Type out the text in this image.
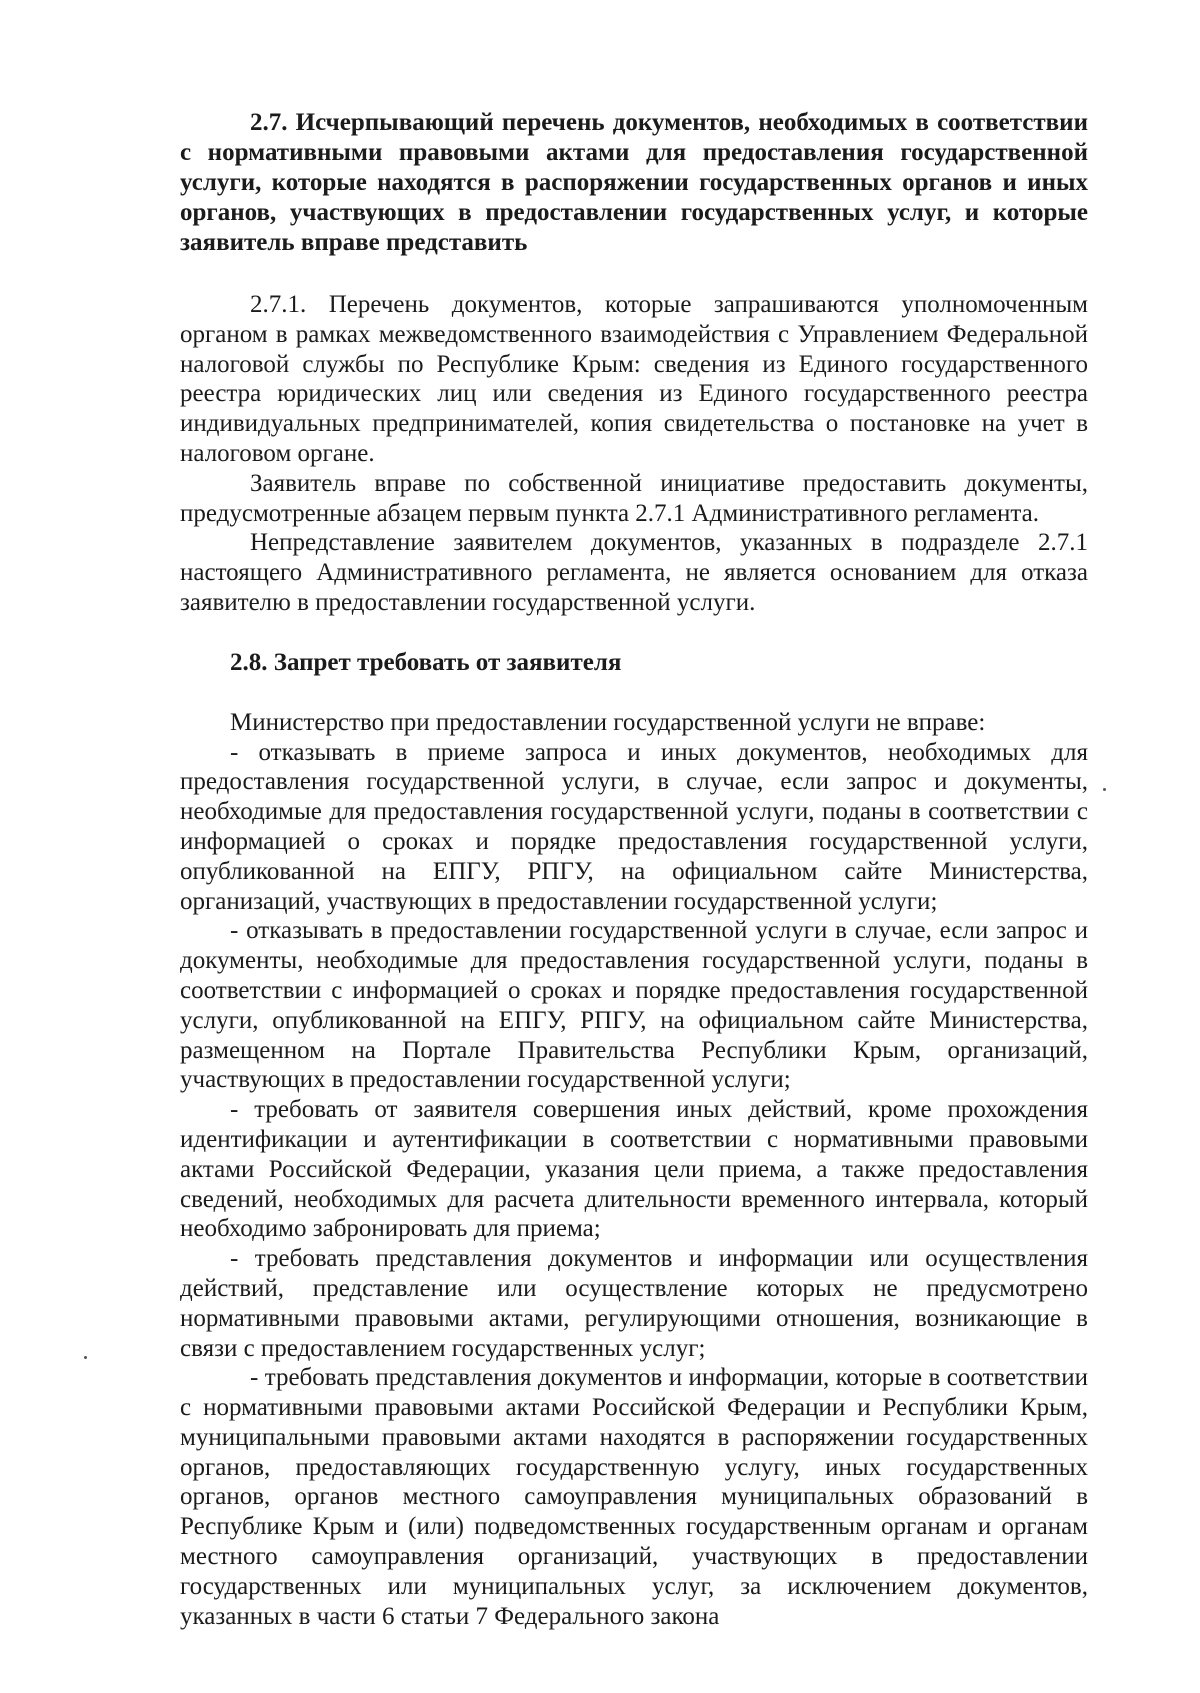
2.7. Исчерпывающий перечень документов, необходимых в соответствии с нормативными правовыми актами для предоставления государственной услуги, которые находятся в распоряжении государственных органов и иных органов, участвующих в предоставлении государственных услуг, и которые заявитель вправе представить

2.7.1. Перечень документов, которые запрашиваются уполномоченным органом в рамках межведомственного взаимодействия с Управлением Федеральной налоговой службы по Республике Крым: сведения из Единого государственного реестра юридических лиц или сведения из Единого государственного реестра индивидуальных предпринимателей, копия свидетельства о постановке на учет в налоговом органе.

Заявитель вправе по собственной инициативе предоставить документы, предусмотренные абзацем первым пункта 2.7.1 Административного регламента.

Непредставление заявителем документов, указанных в подразделе 2.7.1 настоящего Административного регламента, не является основанием для отказа заявителю в предоставлении государственной услуги.

2.8. Запрет требовать от заявителя

Министерство при предоставлении государственной услуги не вправе:

- отказывать в приеме запроса и иных документов, необходимых для предоставления государственной услуги, в случае, если запрос и документы, необходимые для предоставления государственной услуги, поданы в соответствии с информацией о сроках и порядке предоставления государственной услуги, опубликованной на ЕПГУ, РПГУ, на официальном сайте Министерства, организаций, участвующих в предоставлении государственной услуги;

- отказывать в предоставлении государственной услуги в случае, если запрос и документы, необходимые для предоставления государственной услуги, поданы в соответствии с информацией о сроках и порядке предоставления государственной услуги, опубликованной на ЕПГУ, РПГУ, на официальном сайте Министерства, размещенном на Портале Правительства Республики Крым, организаций, участвующих в предоставлении государственной услуги;

- требовать от заявителя совершения иных действий, кроме прохождения идентификации и аутентификации в соответствии с нормативными правовыми актами Российской Федерации, указания цели приема, а также предоставления сведений, необходимых для расчета длительности временного интервала, который необходимо забронировать для приема;

- требовать представления документов и информации или осуществления действий, представление или осуществление которых не предусмотрено нормативными правовыми актами, регулирующими отношения, возникающие в связи с предоставлением государственных услуг;

- требовать представления документов и информации, которые в соответствии с нормативными правовыми актами Российской Федерации и Республики Крым, муниципальными правовыми актами находятся в распоряжении государственных органов, предоставляющих государственную услугу, иных государственных органов, органов местного самоуправления муниципальных образований в Республике Крым и (или) подведомственных государственным органам и органам местного самоуправления организаций, участвующих в предоставлении государственных или муниципальных услуг, за исключением документов, указанных в части 6 статьи 7 Федерального закона
